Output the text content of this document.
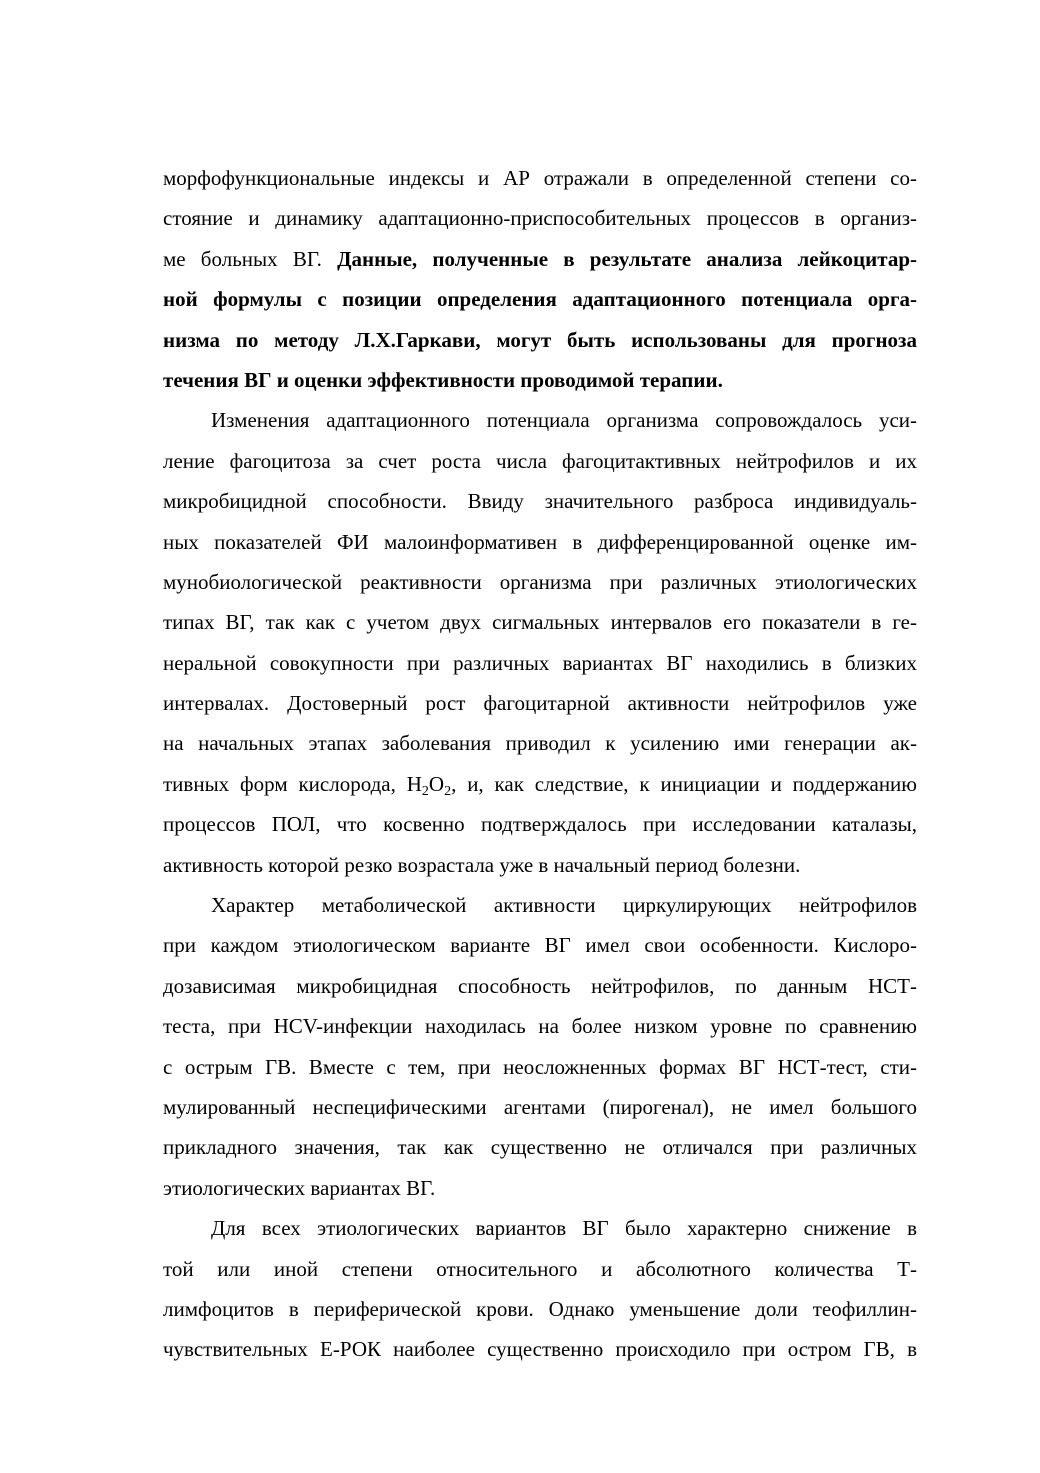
морфофункциональные индексы и АР отражали в определенной степени со-
стояние и динамику адаптационно-приспособительных процессов в организ-
ме больных ВГ. Данные, полученные в результате анализа лейкоцитар-
ной формулы с позиции определения адаптационного потенциала орга-
низма по методу Л.Х.Гаркави, могут быть использованы для прогноза
течения ВГ и оценки эффективности проводимой терапии.
Изменения адаптационного потенциала организма сопровождалось уси-
ление фагоцитоза за счет роста числа фагоцитактивных нейтрофилов и их
микробицидной способности. Ввиду значительного разброса индивидуаль-
ных показателей ФИ малоинформативен в дифференцированной оценке им-
мунобиологической реактивности организма при различных этиологических
типах ВГ, так как с учетом двух сигмальных интервалов его показатели в ге-
неральной совокупности при различных вариантах ВГ находились в близких
интервалах. Достоверный рост фагоцитарной активности нейтрофилов уже
на начальных этапах заболевания приводил к усилению ими генерации ак-
тивных форм кислорода, $H_2O_2$, и, как следствие, к инициации и поддержанию
процессов ПОЛ, что косвенно подтверждалось при исследовании каталазы,
активность которой резко возрастала уже в начальный период болезни.
Характер метаболической активности циркулирующих нейтрофилов
при каждом этиологическом варианте ВГ имел свои особенности. Кислоро-
дозависимая микробицидная способность нейтрофилов, по данным НСТ-
теста, при HCV-инфекции находилась на более низком уровне по сравнению
с острым ГВ. Вместе с тем, при неосложненных формах ВГ НСТ-тест, сти-
мулированный неспецифическими агентами (пирогенал), не имел большого
прикладного значения, так как существенно не отличался при различных
этиологических вариантах ВГ.
Для всех этиологических вариантов ВГ было характерно снижение в
той или иной степени относительного и абсолютного количества Т-
лимфоцитов в периферической крови. Однако уменьшение доли теофиллин-
чувствительных Е-РОК наиболее существенно происходило при остром ГВ, в
